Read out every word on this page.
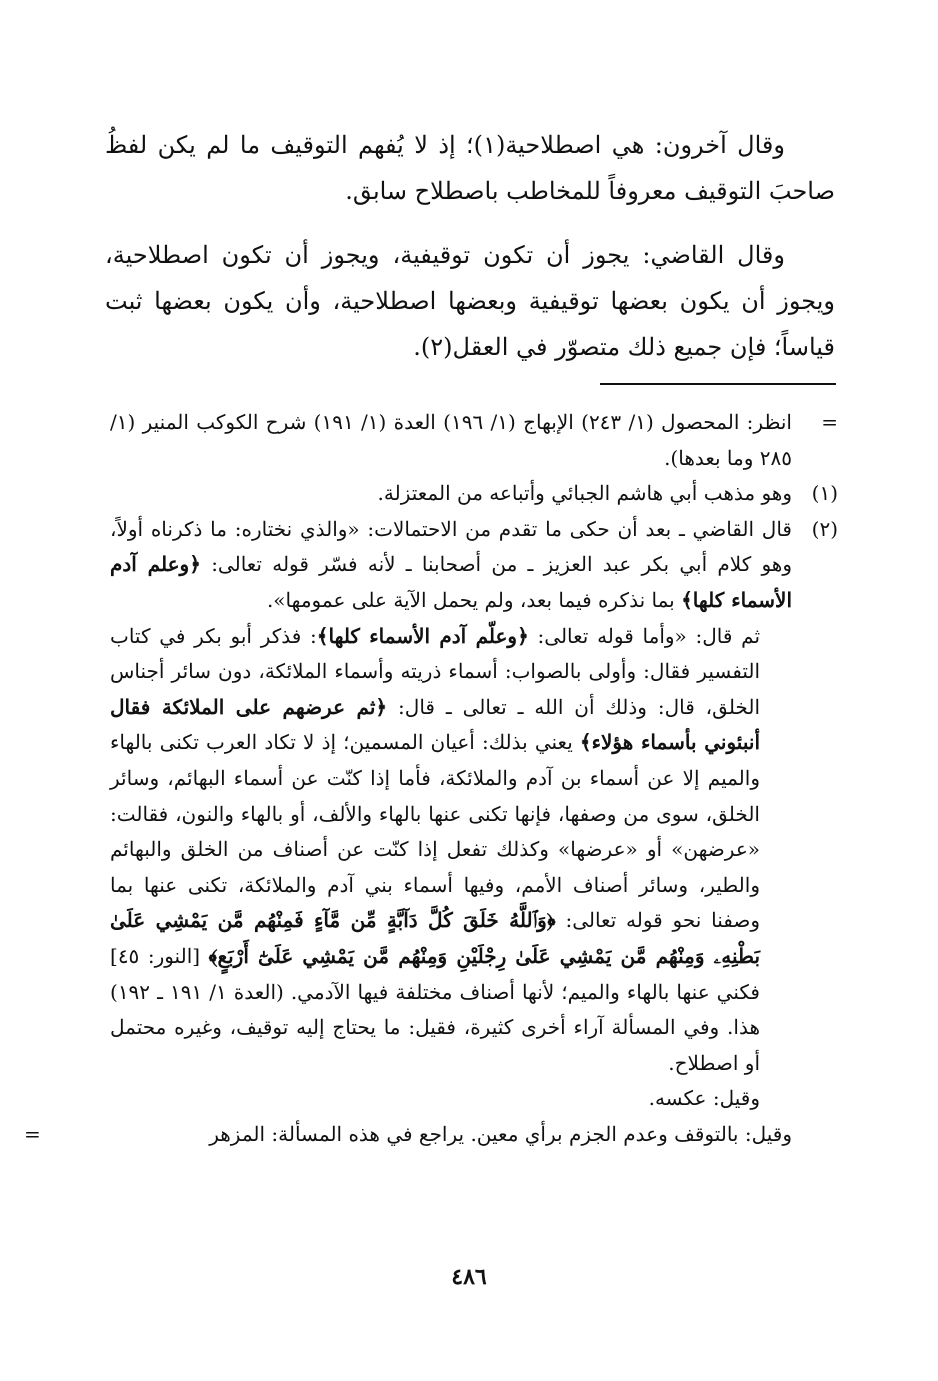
وقال آخرون: هي اصطلاحية(١)؛ إذ لا يُفهم التوقيف ما لم يكن لفظُ صاحبَ التوقيف معروفاً للمخاطب باصطلاح سابق.

وقال القاضي: يجوز أن تكون توقيفية، ويجوز أن تكون اصطلاحية، ويجوز أن يكون بعضها توقيفية وبعضها اصطلاحية، وأن يكون بعضها ثبت قياساً؛ فإن جميع ذلك متصوّر في العقل(٢).

=
انظر: المحصول (١/ ٢٤٣) الإبهاج (١/ ١٩٦) العدة (١/ ١٩١) شرح الكوكب المنير (١/ ٢٨٥ وما بعدها).

(١)
وهو مذهب أبي هاشم الجبائي وأتباعه من المعتزلة.

(٢)
قال القاضي ـ بعد أن حكى ما تقدم من الاحتمالات: «والذي نختاره: ما ذكرناه أولاً، وهو كلام أبي بكر عبد العزيز ـ من أصحابنا ـ لأنه فسّر قوله تعالى: ﴿وعلم آدم الأسماء كلها﴾ بما نذكره فيما بعد، ولم يحمل الآية على عمومها».
ثم قال: «وأما قوله تعالى: ﴿وعلّم آدم الأسماء كلها﴾: فذكر أبو بكر في كتاب التفسير فقال: وأولى بالصواب: أسماء ذريته وأسماء الملائكة، دون سائر أجناس الخلق، قال: وذلك أن الله ـ تعالى ـ قال: ﴿ثم عرضهم على الملائكة فقال أنبئوني بأسماء هؤلاء﴾ يعني بذلك: أعيان المسمين؛ إذ لا تكاد العرب تكنى بالهاء والميم إلا عن أسماء بن آدم والملائكة، فأما إذا كنّت عن أسماء البهائم، وسائر الخلق، سوى من وصفها، فإنها تكنى عنها بالهاء والألف، أو بالهاء والنون، فقالت: «عرضهن» أو «عرضها» وكذلك تفعل إذا كنّت عن أصناف من الخلق والبهائم والطير، وسائر أصناف الأمم، وفيها أسماء بني آدم والملائكة، تكنى عنها بما وصفنا نحو قوله تعالى: ﴿وَٱللَّهُ خَلَقَ كُلَّ دَآبَّةٍ مِّن مَّآءٍ فَمِنْهُم مَّن يَمْشِي عَلَىٰ بَطْنِهِۦ وَمِنْهُم مَّن يَمْشِي عَلَىٰ رِجْلَيْنِ وَمِنْهُم مَّن يَمْشِي عَلَىٰٓ أَرْبَعٍ﴾ [النور: ٤٥] فكني عنها بالهاء والميم؛ لأنها أصناف مختلفة فيها الآدمي. (العدة ١/ ١٩١ ـ ١٩٢) هذا. وفي المسألة آراء أخرى كثيرة، فقيل: ما يحتاج إليه توقيف، وغيره محتمل أو اصطلاح.
وقيل: عكسه.
وقيل: بالتوقف وعدم الجزم برأي معين. يراجع في هذه المسألة: المزهر
=

٤٨٦
